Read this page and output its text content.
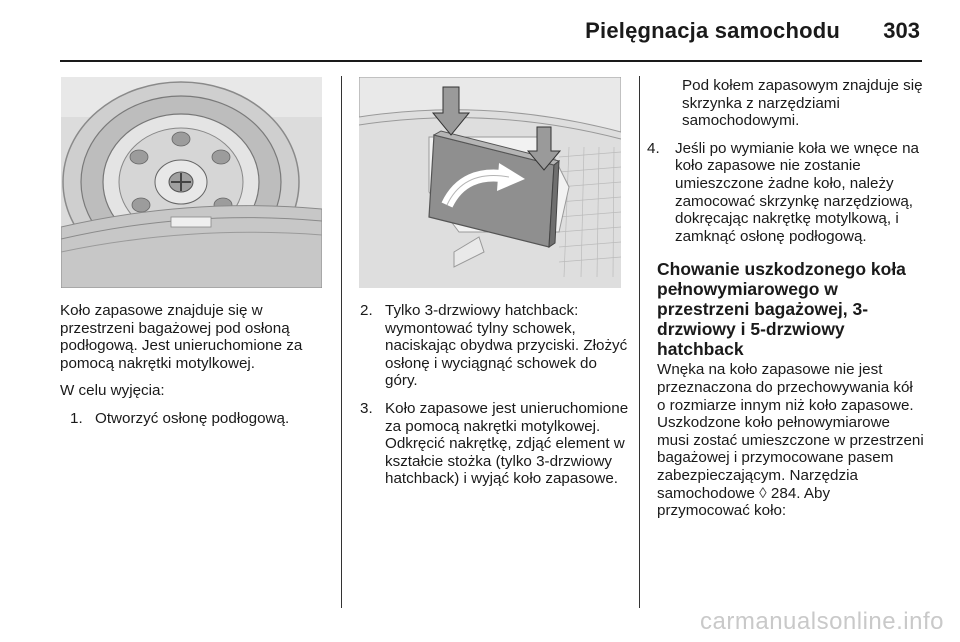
Pielęgnacja samochodu 303

Koło zapasowe znajduje się w przestrzeni bagażowej pod osłoną podłogową. Jest unieruchomione za pomocą nakrętki motylkowej.

W celu wyjęcia:

1. Otworzyć osłonę podłogową.
2. Tylko 3-drzwiowy hatchback: wymontować tylny schowek, naciskając obydwa przyciski. Złożyć osłonę i wyciągnąć schowek do góry.
3. Koło zapasowe jest unieruchomione za pomocą nakrętki motylkowej. Odkręcić nakrętkę, zdjąć element w kształcie stożka (tylko 3-drzwiowy hatchback) i wyjąć koło zapasowe.
Pod kołem zapasowym znajduje się skrzynka z narzędziami samochodowymi.
4. Jeśli po wymianie koła we wnęce na koło zapasowe nie zostanie umieszczone żadne koło, należy zamocować skrzynkę narzędziową, dokręcając nakrętkę motylkową, i zamknąć osłonę podłogową.
Chowanie uszkodzonego koła pełnowymiarowego w przestrzeni bagażowej, 3-drzwiowy i 5-drzwiowy hatchback

Wnęka na koło zapasowe nie jest przeznaczona do przechowywania kół o rozmiarze innym niż koło zapasowe. Uszkodzone koło pełnowymiarowe musi zostać umieszczone w przestrzeni bagażowej i przymocowane pasem zabezpieczającym. Narzędzia samochodowe ◊ 284. Aby przymocować koło:

carmanualsonline.info
